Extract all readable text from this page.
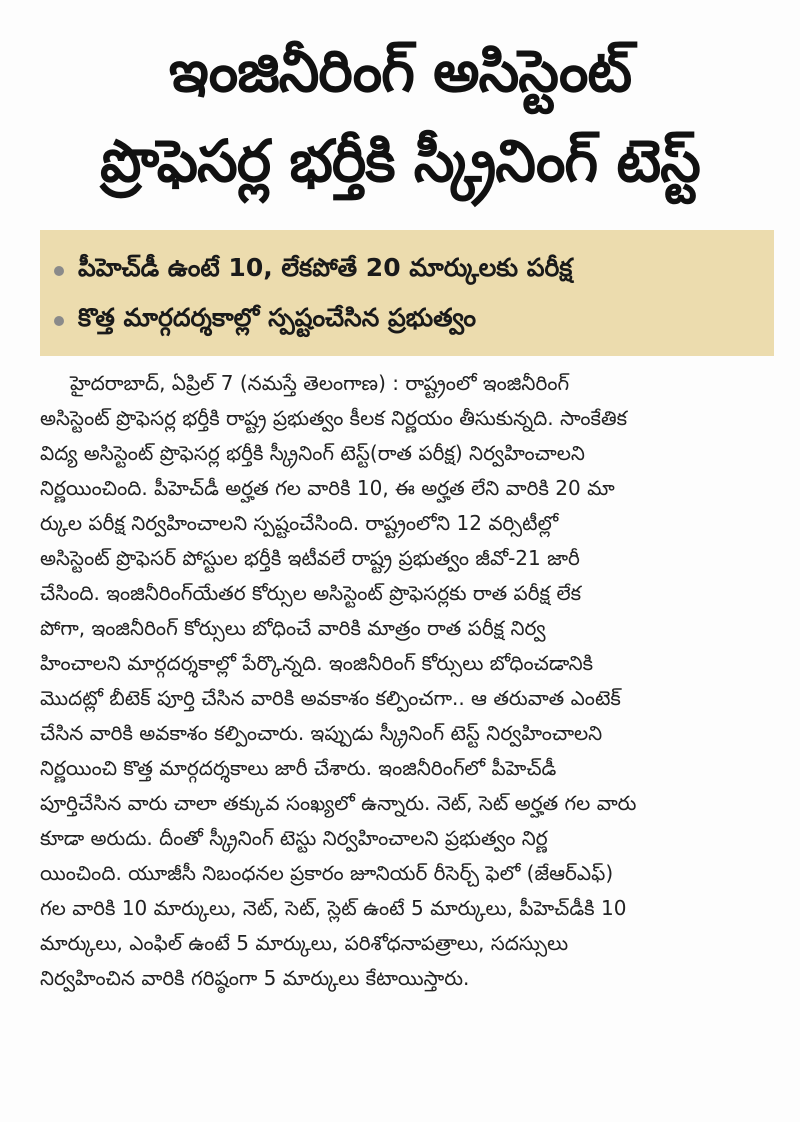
ఇంజినీరింగ్ అసిస్టెంట్
ప్రొఫెసర్ల భర్తీకి స్క్రీనింగ్ టెస్ట్
పీహెచ్‌డీ ఉంటే 10, లేకపోతే 20 మార్కులకు పరీక్ష
కొత్త మార్గదర్శకాల్లో స్పష్టంచేసిన ప్రభుత్వం
హైదరాబాద్, ఏప్రిల్ 7 (నమస్తే తెలంగాణ) : రాష్ట్రంలో ఇంజినీరింగ్
అసిస్టెంట్ ప్రొఫెసర్ల భర్తీకి రాష్ట్ర ప్రభుత్వం కీలక నిర్ణయం తీసుకున్నది. సాంకేతిక
విద్య అసిస్టెంట్ ప్రొఫెసర్ల భర్తీకి స్క్రీనింగ్ టెస్ట్(రాత పరీక్ష) నిర్వహించాలని
నిర్ణయించింది. పీహెచ్‌డీ అర్హత గల వారికి 10, ఈ అర్హత లేని వారికి 20 మా
ర్కుల పరీక్ష నిర్వహించాలని స్పష్టంచేసింది. రాష్ట్రంలోని 12 వర్సిటీల్లో
అసిస్టెంట్ ప్రొఫెసర్ పోస్టుల భర్తీకి ఇటీవలే రాష్ట్ర ప్రభుత్వం జీవో-21 జారీ
చేసింది. ఇంజినీరింగ్‌యేతర కోర్సుల అసిస్టెంట్ ప్రొఫెసర్లకు రాత పరీక్ష లేక
పోగా, ఇంజినీరింగ్ కోర్సులు బోధించే వారికి మాత్రం రాత పరీక్ష నిర్వ
హించాలని మార్గదర్శకాల్లో పేర్కొన్నది. ఇంజినీరింగ్ కోర్సులు బోధించడానికి
మొదట్లో బీటెక్ పూర్తి చేసిన వారికి అవకాశం కల్పించగా.. ఆ తరువాత ఎంటెక్
చేసిన వారికి అవకాశం కల్పించారు. ఇప్పుడు స్క్రీనింగ్ టెస్ట్ నిర్వహించాలని
నిర్ణయించి కొత్త మార్గదర్శకాలు జారీ చేశారు. ఇంజినీరింగ్‌లో పీహెచ్‌డీ
పూర్తిచేసిన వారు చాలా తక్కువ సంఖ్యలో ఉన్నారు. నెట్, సెట్ అర్హత గల వారు
కూడా అరుదు. దీంతో స్క్రీనింగ్ టెస్టు నిర్వహించాలని ప్రభుత్వం నిర్ణ
యించింది. యూజీసీ నిబంధనల ప్రకారం జూనియర్ రీసెర్చ్ ఫెలో (జేఆర్‌ఎఫ్)
గల వారికి 10 మార్కులు, నెట్, సెట్, స్లెట్ ఉంటే 5 మార్కులు, పీహెచ్‌డీకి 10
మార్కులు, ఎంఫిల్ ఉంటే 5 మార్కులు, పరిశోధనాపత్రాలు, సదస్సులు
నిర్వహించిన వారికి గరిష్ఠంగా 5 మార్కులు కేటాయిస్తారు.
